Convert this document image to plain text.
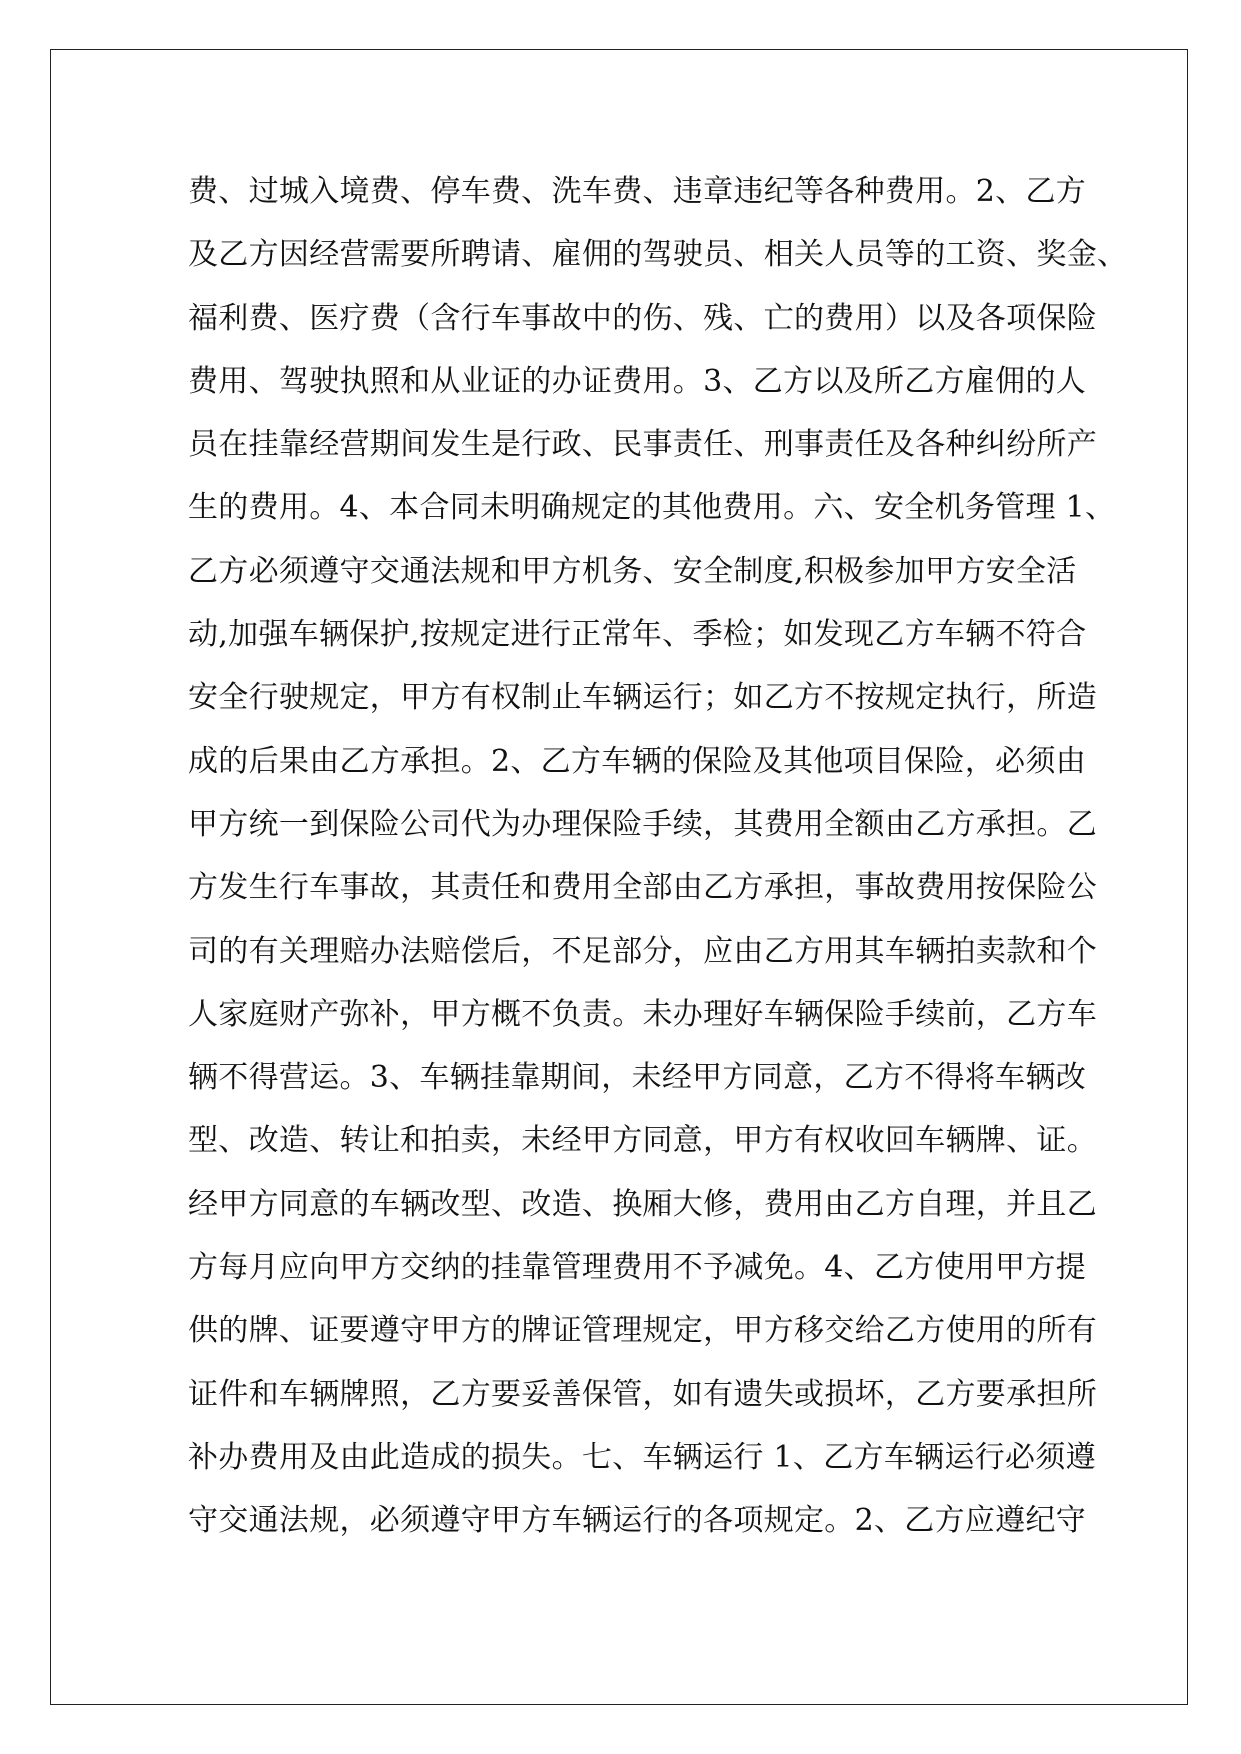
费、过城入境费、停车费、洗车费、违章违纪等各种费用。2、乙方
及乙方因经营需要所聘请、雇佣的驾驶员、相关人员等的工资、奖金、
福利费、医疗费（含行车事故中的伤、残、亡的费用）以及各项保险
费用、驾驶执照和从业证的办证费用。3、乙方以及所乙方雇佣的人
员在挂靠经营期间发生是行政、民事责任、刑事责任及各种纠纷所产
生的费用。4、本合同未明确规定的其他费用。六、安全机务管理 1、
乙方必须遵守交通法规和甲方机务、安全制度,积极参加甲方安全活
动,加强车辆保护,按规定进行正常年、季检；如发现乙方车辆不符合
安全行驶规定，甲方有权制止车辆运行；如乙方不按规定执行，所造
成的后果由乙方承担。2、乙方车辆的保险及其他项目保险，必须由
甲方统一到保险公司代为办理保险手续，其费用全额由乙方承担。乙
方发生行车事故，其责任和费用全部由乙方承担，事故费用按保险公
司的有关理赔办法赔偿后，不足部分，应由乙方用其车辆拍卖款和个
人家庭财产弥补，甲方概不负责。未办理好车辆保险手续前，乙方车
辆不得营运。3、车辆挂靠期间，未经甲方同意，乙方不得将车辆改
型、改造、转让和拍卖，未经甲方同意，甲方有权收回车辆牌、证。
经甲方同意的车辆改型、改造、换厢大修，费用由乙方自理，并且乙
方每月应向甲方交纳的挂靠管理费用不予减免。4、乙方使用甲方提
供的牌、证要遵守甲方的牌证管理规定，甲方移交给乙方使用的所有
证件和车辆牌照，乙方要妥善保管，如有遗失或损坏，乙方要承担所
补办费用及由此造成的损失。七、车辆运行 1、乙方车辆运行必须遵
守交通法规，必须遵守甲方车辆运行的各项规定。2、乙方应遵纪守
